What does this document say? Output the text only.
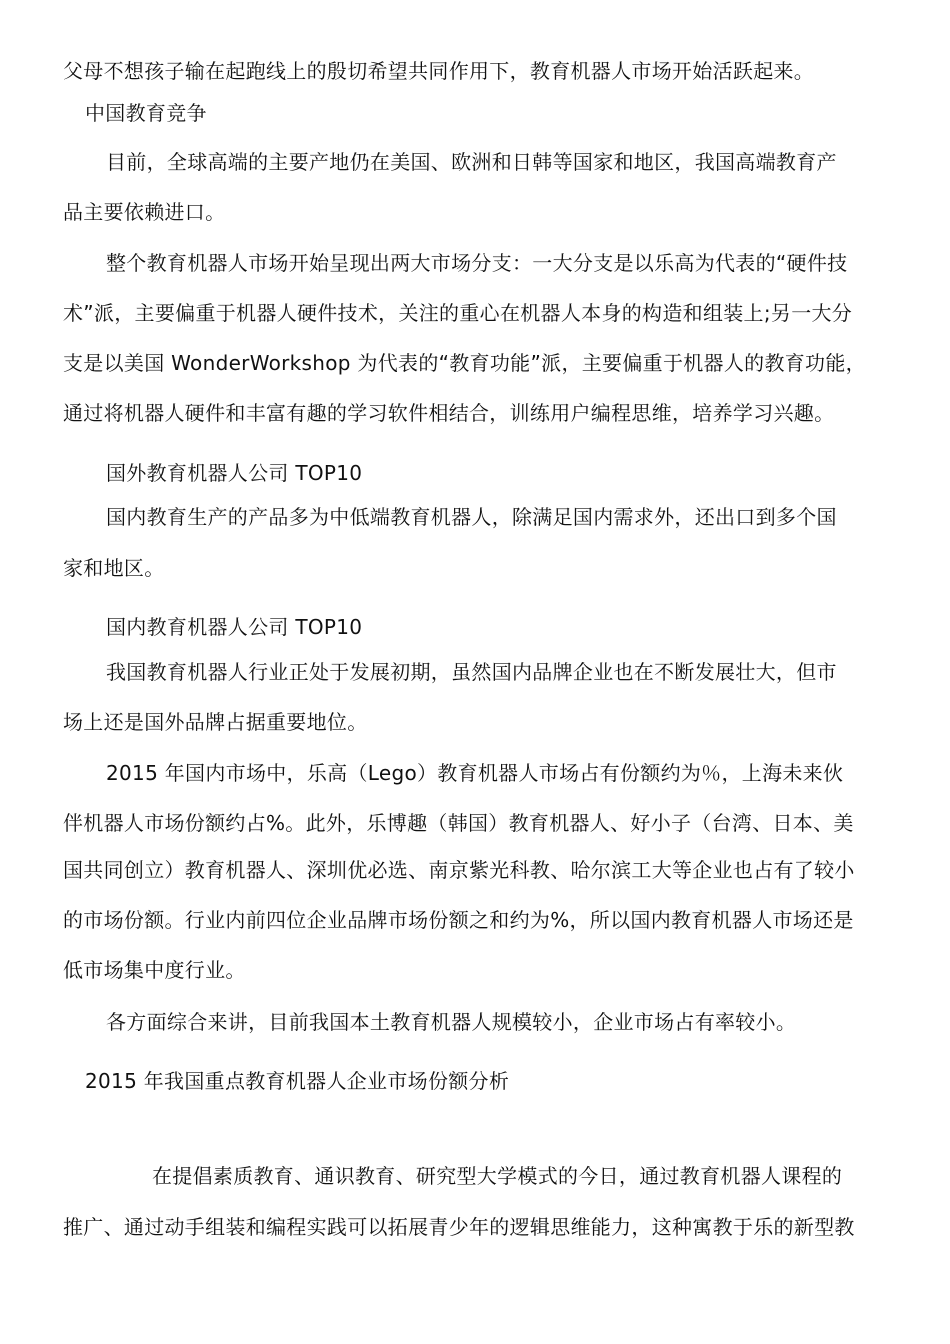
父母不想孩子输在起跑线上的殷切希望共同作用下，教育机器人市场开始活跃起来。
中国教育竞争
目前，全球高端的主要产地仍在美国、欧洲和日韩等国家和地区，我国高端教育产
品主要依赖进口。
整个教育机器人市场开始呈现出两大市场分支：一大分支是以乐高为代表的“硬件技
术”派，主要偏重于机器人硬件技术，关注的重心在机器人本身的构造和组装上;另一大分
支是以美国 WonderWorkshop 为代表的“教育功能”派，主要偏重于机器人的教育功能，
通过将机器人硬件和丰富有趣的学习软件相结合，训练用户编程思维，培养学习兴趣。
国外教育机器人公司 TOP10
国内教育生产的产品多为中低端教育机器人，除满足国内需求外，还出口到多个国
家和地区。
国内教育机器人公司 TOP10
我国教育机器人行业正处于发展初期，虽然国内品牌企业也在不断发展壮大，但市
场上还是国外品牌占据重要地位。
2015 年国内市场中，乐高（Lego）教育机器人市场占有份额约为％，上海未来伙
伴机器人市场份额约占%。此外，乐博趣（韩国）教育机器人、好小子（台湾、日本、美
国共同创立）教育机器人、深圳优必选、南京紫光科教、哈尔滨工大等企业也占有了较小
的市场份额。行业内前四位企业品牌市场份额之和约为%，所以国内教育机器人市场还是
低市场集中度行业。
各方面综合来讲，目前我国本土教育机器人规模较小，企业市场占有率较小。
2015 年我国重点教育机器人企业市场份额分析
在提倡素质教育、通识教育、研究型大学模式的今日，通过教育机器人课程的
推广、通过动手组装和编程实践可以拓展青少年的逻辑思维能力，这种寓教于乐的新型教
